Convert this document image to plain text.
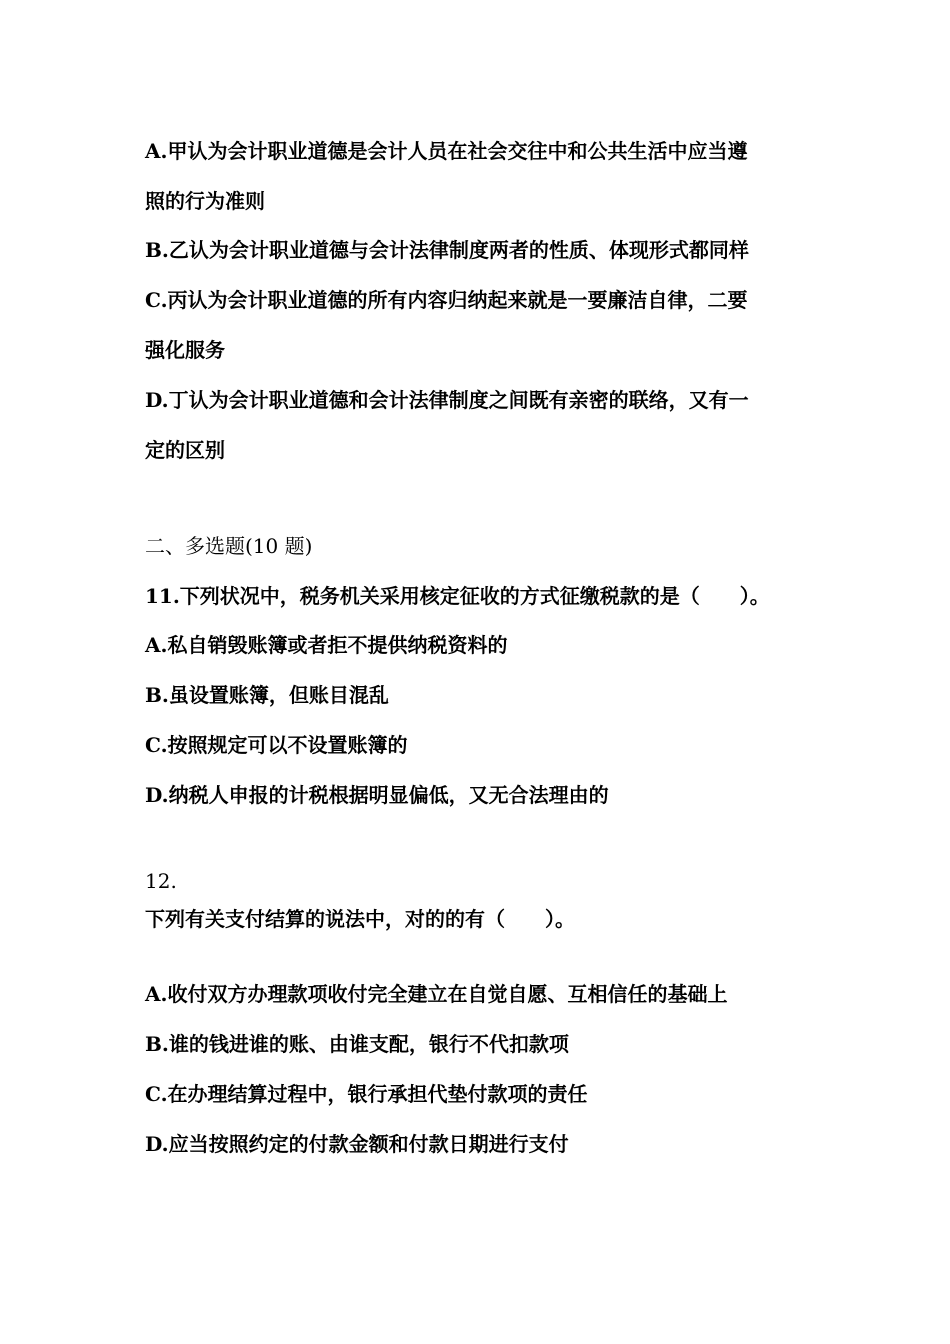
A.甲认为会计职业道德是会计人员在社会交往中和公共生活中应当遵
照的行为准则
B.乙认为会计职业道德与会计法律制度两者的性质、体现形式都同样
C.丙认为会计职业道德的所有内容归纳起来就是一要廉洁自律，二要
强化服务
D.丁认为会计职业道德和会计法律制度之间既有亲密的联络，又有一
定的区别
二、多选题(10 题)
11.下列状况中，税务机关采用核定征收的方式征缴税款的是（　　）。
A.私自销毁账簿或者拒不提供纳税资料的
B.虽设置账簿，但账目混乱
C.按照规定可以不设置账簿的
D.纳税人申报的计税根据明显偏低，又无合法理由的
12.
下列有关支付结算的说法中，对的的有（　　）。
A.收付双方办理款项收付完全建立在自觉自愿、互相信任的基础上
B.谁的钱进谁的账、由谁支配，银行不代扣款项
C.在办理结算过程中，银行承担代垫付款项的责任
D.应当按照约定的付款金额和付款日期进行支付
